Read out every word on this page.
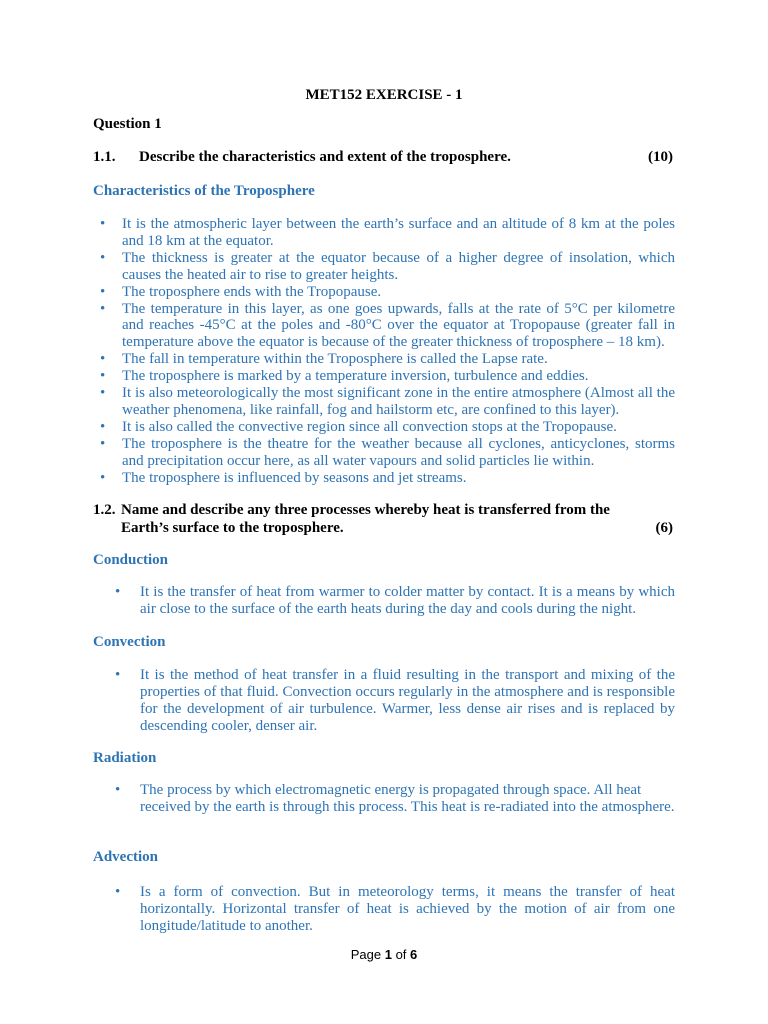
MET152 EXERCISE - 1
Question 1
1.1. Describe the characteristics and extent of the troposphere.	(10)
Characteristics of the Troposphere
• It is the atmospheric layer between the earth’s surface and an altitude of 8 km at the poles and 18 km at the equator.
• The thickness is greater at the equator because of a higher degree of insolation, which causes the heated air to rise to greater heights.
• The troposphere ends with the Tropopause.
• The temperature in this layer, as one goes upwards, falls at the rate of 5°C per kilometre and reaches -45°C at the poles and -80°C over the equator at Tropopause (greater fall in temperature above the equator is because of the greater thickness of troposphere – 18 km).
• The fall in temperature within the Troposphere is called the Lapse rate.
• The troposphere is marked by a temperature inversion, turbulence and eddies.
• It is also meteorologically the most significant zone in the entire atmosphere (Almost all the weather phenomena, like rainfall, fog and hailstorm etc, are confined to this layer).
• It is also called the convective region since all convection stops at the Tropopause.
• The troposphere is the theatre for the weather because all cyclones, anticyclones, storms and precipitation occur here, as all water vapours and solid particles lie within.
• The troposphere is influenced by seasons and jet streams.
1.2. Name and describe any three processes whereby heat is transferred from the
Earth’s surface to the troposphere.	(6)
Conduction
• It is the transfer of heat from warmer to colder matter by contact. It is a means by which air close to the surface of the earth heats during the day and cools during the night.
Convection
• It is the method of heat transfer in a fluid resulting in the transport and mixing of the properties of that fluid. Convection occurs regularly in the atmosphere and is responsible for the development of air turbulence. Warmer, less dense air rises and is replaced by descending cooler, denser air.
Radiation
• The process by which electromagnetic energy is propagated through space. All heat received by the earth is through this process. This heat is re-radiated into the atmosphere.
Advection
• Is a form of convection. But in meteorology terms, it means the transfer of heat horizontally. Horizontal transfer of heat is achieved by the motion of air from one longitude/latitude to another.
Page 1 of 6
